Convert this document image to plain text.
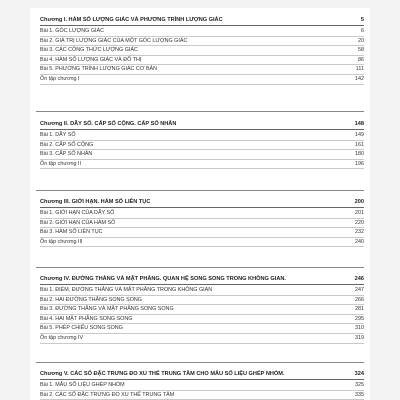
Chương I. HÀM SỐ LƯỢNG GIÁC VÀ PHƯƠNG TRÌNH LƯỢNG GIÁC	5
Bài 1. GÓC LƯỢNG GIÁC	6
Bài 2. GIÁ TRỊ LƯỢNG GIÁC CỦA MỘT GÓC LƯỢNG GIÁC	20
Bài 3. CÁC CÔNG THỨC LƯỢNG GIÁC	58
Bài 4. HÀM SỐ LƯỢNG GIÁC VÀ ĐỒ THỊ	86
Bài 5. PHƯƠNG TRÌNH LƯỢNG GIÁC CƠ BẢN	111
Ôn tập chương I	142
Chương II. DÃY SỐ. CẤP SỐ CỘNG. CẤP SỐ NHÂN	148
Bài 1. DÃY SỐ	149
Bài 2. CẤP SỐ CỘNG	161
Bài 3. CẤP SỐ NHÂN	180
Ôn tập chương II	196
Chương III. GIỚI HẠN. HÀM SỐ LIÊN TỤC	200
Bài 1. GIỚI HẠN CỦA DÃY SỐ	201
Bài 2. GIỚI HẠN CỦA HÀM SỐ	220
Bài 3. HÀM SỐ LIÊN TỤC	232
Ôn tập chương III	240
Chương IV. ĐƯỜNG THẲNG VÀ MẶT PHẲNG. QUAN HỆ SONG SONG TRONG KHÔNG GIAN.	246
Bài 1. ĐIỂM, ĐƯỜNG THẲNG VÀ MẶT PHẲNG TRONG KHÔNG GIAN	247
Bài 2. HAI ĐƯỜNG THẲNG SONG SONG	266
Bài 3. ĐƯỜNG THẲNG VÀ MẶT PHẲNG SONG SONG	281
Bài 4. HAI MẶT PHẲNG SONG SONG	295
Bài 5. PHÉP CHIẾU SONG SONG	310
Ôn tập chương IV	319
Chương V. CÁC SỐ ĐẶC TRƯNG ĐO XU THẾ TRUNG TÂM CHO MẪU SỐ LIỆU GHÉP NHÓM.	324
Bài 1. MẪU SỐ LIỆU GHÉP NHÓM	325
Bài 2. CÁC SỐ ĐẶC TRƯNG ĐO XU THẾ TRUNG TÂM	335
